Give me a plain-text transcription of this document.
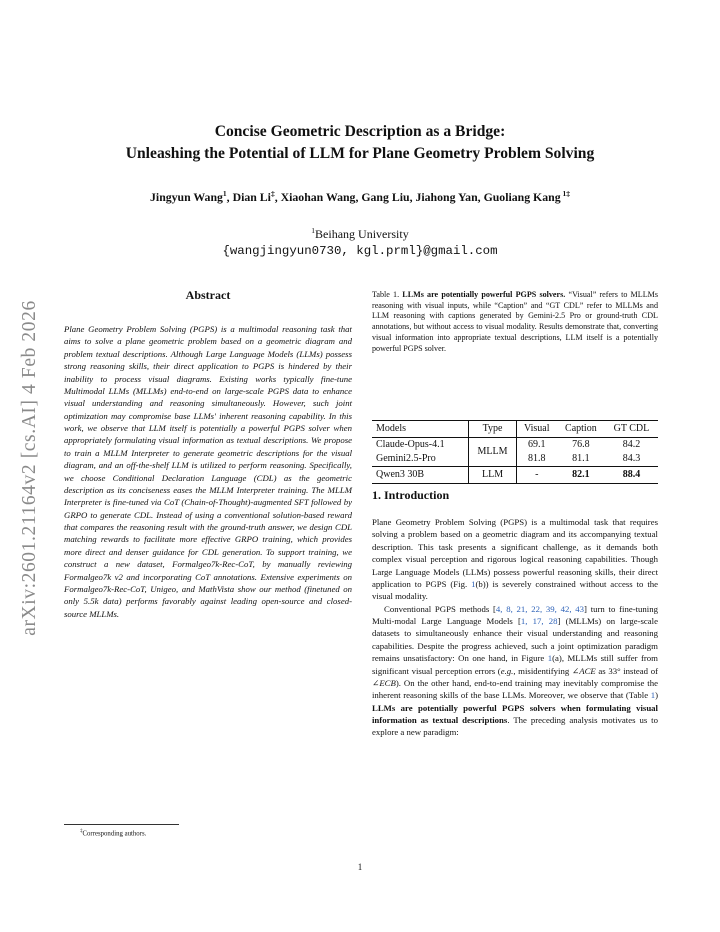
arXiv:2601.21164v2 [cs.AI] 4 Feb 2026
Concise Geometric Description as a Bridge:
Unleashing the Potential of LLM for Plane Geometry Problem Solving
Jingyun Wang$^1$, Dian Li‡, Xiaohan Wang, Gang Liu, Jiahong Yan, Guoliang Kang $^{1\ddagger}$
$^1$Beihang University
{wangjingyun0730, kgl.prml}@gmail.com
Abstract
Plane Geometry Problem Solving (PGPS) is a multimodal reasoning task that aims to solve a plane geometric problem based on a geometric diagram and problem textual descriptions. Although Large Language Models (LLMs) possess strong reasoning skills, their direct application to PGPS is hindered by their inability to process visual diagrams. Existing works typically fine-tune Multimodal LLMs (MLLMs) end-to-end on large-scale PGPS data to enhance visual understanding and reasoning simultaneously. However, such joint optimization may compromise base LLMs' inherent reasoning capability. In this work, we observe that LLM itself is potentially a powerful PGPS solver when appropriately formulating visual information as textual descriptions. We propose to train a MLLM Interpreter to generate geometric descriptions for the visual diagram, and an off-the-shelf LLM is utilized to perform reasoning. Specifically, we choose Conditional Declaration Language (CDL) as the geometric description as its conciseness eases the MLLM Interpreter training. The MLLM Interpreter is fine-tuned via CoT (Chain-of-Thought)-augmented SFT followed by GRPO to generate CDL. Instead of using a conventional solution-based reward that compares the reasoning result with the ground-truth answer, we design CDL matching rewards to facilitate more effective GRPO training, which provides more direct and denser guidance for CDL generation. To support training, we construct a new dataset, Formalgeo7k-Rec-CoT, by manually reviewing Formalgeo7k v2 and incorporating CoT annotations. Extensive experiments on Formalgeo7k-Rec-CoT, Unigeo, and MathVista show our method (finetuned on only 5.5k data) performs favorably against leading open-source and closed-source MLLMs.
‡Corresponding authors.
Table 1. LLMs are potentially powerful PGPS solvers. “Visual” refers to MLLMs reasoning with visual inputs, while “Caption” and “GT CDL” refer to MLLMs and LLM reasoning with captions generated by Gemini-2.5 Pro or ground-truth CDL annotations, but without access to visual modality. Results demonstrate that, converting visual information into appropriate textual descriptions, LLM itself is a potentially powerful PGPS solver.
Models	Type	Visual	Caption	GT CDL
Claude-Opus-4.1	MLLM	69.1	76.8	84.2
Gemini2.5-Pro		81.8	81.1	84.3
Qwen3 30B	LLM	-	82.1	88.4
1. Introduction

Plane Geometry Problem Solving (PGPS) is a multimodal task that requires solving a problem based on a geometric diagram and its accompanying textual description. This task presents a significant challenge, as it demands both complex visual perception and rigorous logical reasoning capabilities. Though Large Language Models (LLMs) possess powerful reasoning skills, their direct application to PGPS (Fig. 1(b)) is severely constrained without access to the visual modality.

Conventional PGPS methods [4, 8, 21, 22, 39, 42, 43] turn to fine-tuning Multi-modal Large Language Models [1, 17, 28] (MLLMs) on large-scale datasets to simultaneously enhance their visual understanding and reasoning capabilities. Despite the progress achieved, such a joint optimization paradigm remains unsatisfactory: On one hand, in Figure 1(a), MLLMs still suffer from significant visual perception errors (e.g., misidentifying ∠ACE as 33° instead of ∠ECB). On the other hand, end-to-end training may inevitably compromise the inherent reasoning skills of the base LLMs. Moreover, we observe that (Table 1) LLMs are potentially powerful PGPS solvers when formulating visual information as textual descriptions. The preceding analysis motivates us to explore a new paradigm:

1
